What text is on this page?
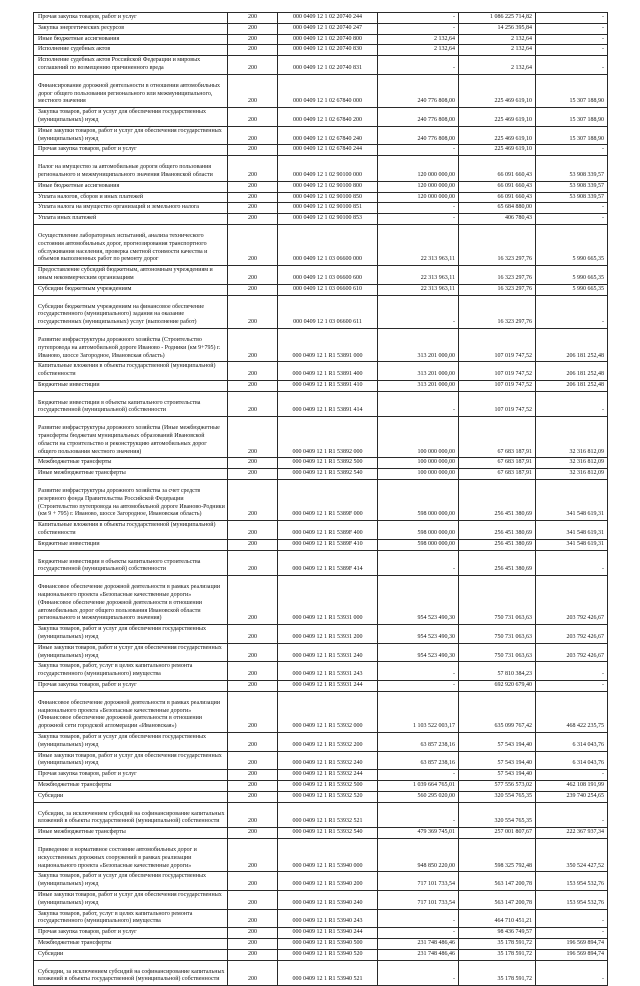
Прочая закупка товаров, работ и услуг	200	000 0409 12 1 02 20740 244	-	1 086 225 714,82	-
Закупка энергетических ресурсов	200	000 0409 12 1 02 20740 247	-	14 256 395,84	-
Иные бюджетные ассигнования	200	000 0409 12 1 02 20740 800	2 132,64	2 132,64	-
Исполнение судебных актов	200	000 0409 12 1 02 20740 830	2 132,64	2 132,64	-
Исполнение судебных актов Российской Федерации и мировых соглашений по возмещению причиненного вреда	200	000 0409 12 1 02 20740 831	-	2 132,64	-
Финансирование дорожной деятельности в отношении автомобильных дорог общего пользования регионального или межмуниципального, местного значения	200	000 0409 12 1 02 67840 000	240 776 808,00	225 469 619,10	15 307 188,90
Закупка товаров, работ и услуг для обеспечения государственных (муниципальных) нужд	200	000 0409 12 1 02 67840 200	240 776 808,00	225 469 619,10	15 307 188,90
Иные закупки товаров, работ и услуг для обеспечения государственных (муниципальных) нужд	200	000 0409 12 1 02 67840 240	240 776 808,00	225 469 619,10	15 307 188,90
Прочая закупка товаров, работ и услуг	200	000 0409 12 1 02 67840 244	-	225 469 619,10	-
Налог на имущество за автомобильные дороги общего пользования регионального и межмуниципального значения Ивановской области	200	000 0409 12 1 02 90100 000	120 000 000,00	66 091 660,43	53 908 339,57
Иные бюджетные ассигнования	200	000 0409 12 1 02 90100 800	120 000 000,00	66 091 660,43	53 908 339,57
Уплата налогов, сборов и иных платежей	200	000 0409 12 1 02 90100 850	120 000 000,00	66 091 660,43	53 908 339,57
Уплата налога на имущество организаций и земельного налога	200	000 0409 12 1 02 90100 851	-	65 684 880,00	-
Уплата иных платежей	200	000 0409 12 1 02 90100 853	-	406 780,43	-
Осуществление лабораторных испытаний, анализа технического состояния автомобильных дорог, прогнозирования транспортного обслуживания населения, проверка сметной стоимости качества и объемов выполненных работ по ремонту дорог	200	000 0409 12 1 03 06600 000	22 313 963,11	16 323 297,76	5 990 665,35
Предоставление субсидий бюджетным, автономным учреждениям и иным некоммерческим организациям	200	000 0409 12 1 03 06600 600	22 313 963,11	16 323 297,76	5 990 665,35
Субсидии бюджетным учреждениям	200	000 0409 12 1 03 06600 610	22 313 963,11	16 323 297,76	5 990 665,35
Субсидии бюджетным учреждениям на финансовое обеспечение государственного (муниципального) задания на оказание государственных (муниципальных) услуг (выполнение работ)	200	000 0409 12 1 03 06600 611	-	16 323 297,76	-
Развитие инфраструктуры дорожного хозяйства (Строительство путепровода на автомобильной дороге Иваново - Родники (км 9+795) г. Иваново, шоссе Загородное, Ивановская область)	200	000 0409 12 1 R1 53891 000	313 201 000,00	107 019 747,52	206 181 252,48
Капитальные вложения в объекты государственной (муниципальной) собственности	200	000 0409 12 1 R1 53891 400	313 201 000,00	107 019 747,52	206 181 252,48
Бюджетные инвестиции	200	000 0409 12 1 R1 53891 410	313 201 000,00	107 019 747,52	206 181 252,48
Бюджетные инвестиции в объекты капитального строительства государственной (муниципальной) собственности	200	000 0409 12 1 R1 53891 414	-	107 019 747,52	-
Развитие инфраструктуры дорожного хозяйства (Иные межбюджетные трансферты бюджетам муниципальных образований Ивановской области на строительство и реконструкцию автомобильных дорог общего пользования местного значения)	200	000 0409 12 1 R1 53892 000	100 000 000,00	67 683 187,91	32 316 812,09
Межбюджетные трансферты	200	000 0409 12 1 R1 53892 500	100 000 000,00	67 683 187,91	32 316 812,09
Иные межбюджетные трансферты	200	000 0409 12 1 R1 53892 540	100 000 000,00	67 683 187,91	32 316 812,09
Развитие инфраструктуры дорожного хозяйства за счет средств резервного фонда Правительства Российской Федерации (Строительство путепровода на автомобильной дороге Иваново-Родники (км 9 + 795) г. Иваново, шоссе Загородное, Ивановская область)	200	000 0409 12 1 R1 5389F 000	598 000 000,00	256 451 380,69	341 548 619,31
Капитальные вложения в объекты государственной (муниципальной) собственности	200	000 0409 12 1 R1 5389F 400	598 000 000,00	256 451 380,69	341 548 619,31
Бюджетные инвестиции	200	000 0409 12 1 R1 5389F 410	598 000 000,00	256 451 380,69	341 548 619,31
Бюджетные инвестиции в объекты капитального строительства государственной (муниципальной) собственности	200	000 0409 12 1 R1 5389F 414	-	256 451 380,69	-
Финансовое обеспечение дорожной деятельности в рамках реализации национального проекта «Безопасные качественные дороги» (Финансовое обеспечение дорожной деятельности в отношении автомобильных дорог общего пользования Ивановской области регионального и межмуниципального значения)	200	000 0409 12 1 R1 53931 000	954 523 490,30	750 731 063,63	203 792 426,67
Закупка товаров, работ и услуг для обеспечения государственных (муниципальных) нужд	200	000 0409 12 1 R1 53931 200	954 523 490,30	750 731 063,63	203 792 426,67
Иные закупки товаров, работ и услуг для обеспечения государственных (муниципальных) нужд	200	000 0409 12 1 R1 53931 240	954 523 490,30	750 731 063,63	203 792 426,67
Закупка товаров, работ, услуг в целях капитального ремонта государственного (муниципального) имущества	200	000 0409 12 1 R1 53931 243	-	57 810 384,23	-
Прочая закупка товаров, работ и услуг	200	000 0409 12 1 R1 53931 244	-	692 920 679,40	-
Финансовое обеспечение дорожной деятельности в рамках реализации национального проекта «Безопасные качественные дороги» (Финансовое обеспечение дорожной деятельности в отношении дорожной сети городской агломерации «Ивановская»)	200	000 0409 12 1 R1 53932 000	1 103 522 003,17	635 099 767,42	468 422 235,75
Закупка товаров, работ и услуг для обеспечения государственных (муниципальных) нужд	200	000 0409 12 1 R1 53932 200	63 857 238,16	57 543 194,40	6 314 043,76
Иные закупки товаров, работ и услуг для обеспечения государственных (муниципальных) нужд	200	000 0409 12 1 R1 53932 240	63 857 238,16	57 543 194,40	6 314 043,76
Прочая закупка товаров, работ и услуг	200	000 0409 12 1 R1 53932 244	-	57 543 194,40	-
Межбюджетные трансферты	200	000 0409 12 1 R1 53932 500	1 039 664 765,01	577 556 573,02	462 108 191,99
Субсидии	200	000 0409 12 1 R1 53932 520	560 295 020,00	320 554 765,35	239 740 254,65
Субсидии, за исключением субсидий на софинансирование капитальных вложений в объекты государственной (муниципальной) собственности	200	000 0409 12 1 R1 53932 521	-	320 554 765,35	-
Иные межбюджетные трансферты	200	000 0409 12 1 R1 53932 540	479 369 745,01	257 001 807,67	222 367 937,34
Приведение в нормативное состояние автомобильных дорог и искусственных дорожных сооружений в рамках реализации национального проекта «Безопасные качественные дороги»	200	000 0409 12 1 R1 53940 000	948 850 220,00	598 325 792,48	350 524 427,52
Закупка товаров, работ и услуг для обеспечения государственных (муниципальных) нужд	200	000 0409 12 1 R1 53940 200	717 101 733,54	563 147 200,78	153 954 532,76
Иные закупки товаров, работ и услуг для обеспечения государственных (муниципальных) нужд	200	000 0409 12 1 R1 53940 240	717 101 733,54	563 147 200,78	153 954 532,76
Закупка товаров, работ, услуг в целях капитального ремонта государственного (муниципального) имущества	200	000 0409 12 1 R1 53940 243	-	464 710 451,21	-
Прочая закупка товаров, работ и услуг	200	000 0409 12 1 R1 53940 244	-	98 436 749,57	-
Межбюджетные трансферты	200	000 0409 12 1 R1 53940 500	231 748 486,46	35 178 591,72	196 569 894,74
Субсидии	200	000 0409 12 1 R1 53940 520	231 748 486,46	35 178 591,72	196 569 894,74
Субсидии, за исключением субсидий на софинансирование капитальных вложений в объекты государственной (муниципальной) собственности	200	000 0409 12 1 R1 53940 521	-	35 178 591,72	-
